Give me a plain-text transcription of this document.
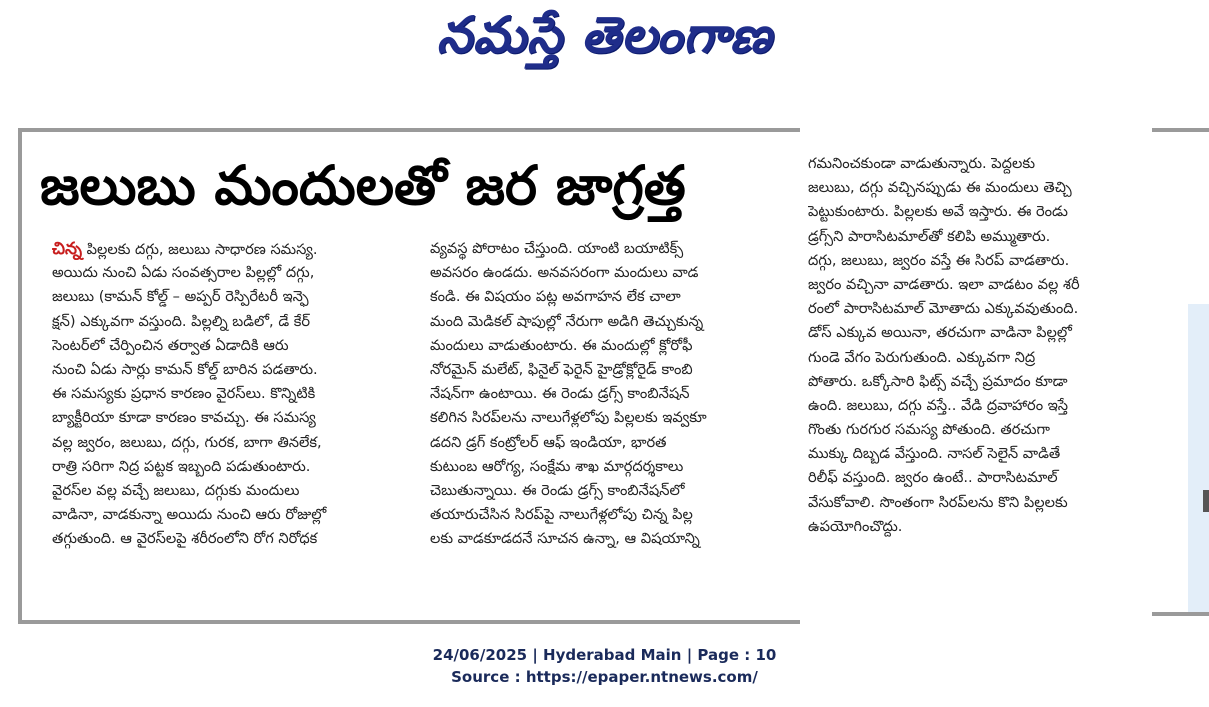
నమస్తే తెలంగాణ
జలుబు మందులతో జర జాగ్రత్త
చిన్న పిల్లలకు దగ్గు, జలుబు సాధారణ సమస్య.
అయిదు నుంచి ఏడు సంవత్సరాల పిల్లల్లో దగ్గు,
జలుబు (కామన్ కోల్డ్ – అప్పర్ రెస్పిరేటరీ ఇన్ఫె
క్షన్) ఎక్కువగా వస్తుంది. పిల్లల్ని బడిలో, డే కేర్
సెంటర్‌లో చేర్పించిన తర్వాత ఏడాదికి ఆరు
నుంచి ఏడు సార్లు కామన్ కోల్డ్ బారిన పడతారు.
ఈ సమస్యకు ప్రధాన కారణం వైరస్‌లు. కొన్నిటికి
బ్యాక్టీరియా కూడా కారణం కావచ్చు. ఈ సమస్య
వల్ల జ్వరం, జలుబు, దగ్గు, గురక, బాగా తినలేక,
రాత్రి సరిగా నిద్ర పట్టక ఇబ్బంది పడుతుంటారు.
వైరస్‌ల వల్ల వచ్చే జలుబు, దగ్గుకు మందులు
వాడినా, వాడకున్నా అయిదు నుంచి ఆరు రోజుల్లో
తగ్గుతుంది. ఆ వైరస్‌లపై శరీరంలోని రోగ నిరోధక
వ్యవస్థ పోరాటం చేస్తుంది. యాంటి బయాటిక్స్
అవసరం ఉండదు. అనవసరంగా మందులు వాడ
కండి. ఈ విషయం పట్ల అవగాహన లేక చాలా
మంది మెడికల్ షాపుల్లో నేరుగా అడిగి తెచ్చుకున్న
మందులు వాడుతుంటారు. ఈ మందుల్లో క్లోరోఫీ
నోరమైన్ మలేట్, ఫినైల్ ఫెరైన్ హైడ్రోక్లోరైడ్ కాంబి
నేషన్‌గా ఉంటాయి. ఈ రెండు డ్రగ్స్ కాంబినేషన్
కలిగిన సిరప్‌లను నాలుగేళ్లలోపు పిల్లలకు ఇవ్వకూ
డదని డ్రగ్ కంట్రోలర్ ఆఫ్ ఇండియా, భారత
కుటుంబ ఆరోగ్య, సంక్షేమ శాఖ మార్గదర్శకాలు
చెబుతున్నాయి. ఈ రెండు డ్రగ్స్ కాంబినేషన్‌లో
తయారుచేసిన సిరప్‌పై నాలుగేళ్లలోపు చిన్న పిల్ల
లకు వాడకూడదనే సూచన ఉన్నా, ఆ విషయాన్ని
గమనించకుండా వాడుతున్నారు. పెద్దలకు
జలుబు, దగ్గు వచ్చినప్పుడు ఈ మందులు తెచ్చి
పెట్టుకుంటారు. పిల్లలకు అవే ఇస్తారు. ఈ రెండు
డ్రగ్స్‌ని పారాసిటమాల్‌తో కలిపి అమ్ముతారు.
దగ్గు, జలుబు, జ్వరం వస్తే ఈ సిరప్ వాడతారు.
జ్వరం వచ్చినా వాడతారు. ఇలా వాడటం వల్ల శరీ
రంలో పారాసిటమాల్ మోతాదు ఎక్కువవుతుంది.
డోస్ ఎక్కువ అయినా, తరచుగా వాడినా పిల్లల్లో
గుండె వేగం పెరుగుతుంది. ఎక్కువగా నిద్ర
పోతారు. ఒక్కోసారి ఫిట్స్ వచ్చే ప్రమాదం కూడా
ఉంది. జలుబు, దగ్గు వస్తే.. వేడి ద్రవాహారం ఇస్తే
గొంతు గురగుర సమస్య పోతుంది. తరచుగా
ముక్కు దిబ్బడ వేస్తుంది. నాసల్ సెలైన్ వాడితే
రిలీఫ్ వస్తుంది. జ్వరం ఉంటే.. పారాసిటమాల్
వేసుకోవాలి. సొంతంగా సిరప్‌లను కొని పిల్లలకు
ఉపయోగించొద్దు.
24/06/2025 | Hyderabad Main | Page : 10
Source : https://epaper.ntnews.com/
